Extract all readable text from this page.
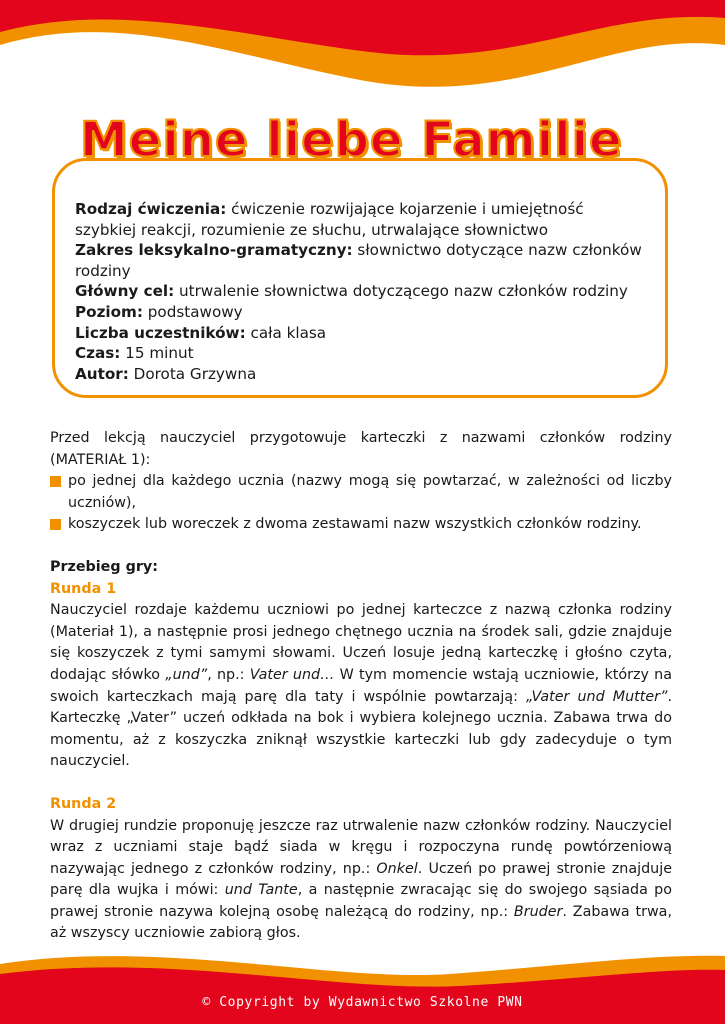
Meine liebe Familie

Rodzaj ćwiczenia: ćwiczenie rozwijające kojarzenie i umiejętność szybkiej reakcji, rozumienie ze słuchu, utrwalające słownictwo

Zakres leksykalno-gramatyczny: słownictwo dotyczące nazw członków rodziny

Główny cel: utrwalenie słownictwa dotyczącego nazw członków rodziny

Poziom: podstawowy

Liczba uczestników: cała klasa

Czas: 15 minut

Autor: Dorota Grzywna

Przed lekcją nauczyciel przygotowuje karteczki z nazwami członków rodziny (MATERIAŁ 1):

po jednej dla każdego ucznia (nazwy mogą się powtarzać, w zależności od liczby uczniów),
koszyczek lub woreczek z dwoma zestawami nazw wszystkich członków rodziny.

Przebieg gry:

Runda 1

Nauczyciel rozdaje każdemu uczniowi po jednej karteczce z nazwą członka rodziny (Materiał 1), a następnie prosi jednego chętnego ucznia na środek sali, gdzie znajduje się koszyczek z tymi samymi słowami. Uczeń losuje jedną karteczkę i głośno czyta, dodając słówko „und”, np.: Vater und… W tym momencie wstają uczniowie, którzy na swoich karteczkach mają parę dla taty i wspólnie powtarzają: „Vater und Mutter”. Karteczkę „Vater” uczeń odkłada na bok i wybiera kolejnego ucznia. Zabawa trwa do momentu, aż z koszyczka zniknął wszystkie karteczki lub gdy zadecyduje o tym nauczyciel.

Runda 2

W drugiej rundzie proponuję jeszcze raz utrwalenie nazw członków rodziny. Nauczyciel wraz z uczniami staje bądź siada w kręgu i rozpoczyna rundę powtórzeniową nazywając jednego z członków rodziny, np.: Onkel. Uczeń po prawej stronie znajduje parę dla wujka i mówi: und Tante, a następnie zwracając się do swojego sąsiada po prawej stronie nazywa kolejną osobę należącą do rodziny, np.: Bruder. Zabawa trwa, aż wszyscy uczniowie zabiorą głos.

© Copyright by Wydawnictwo Szkolne PWN
